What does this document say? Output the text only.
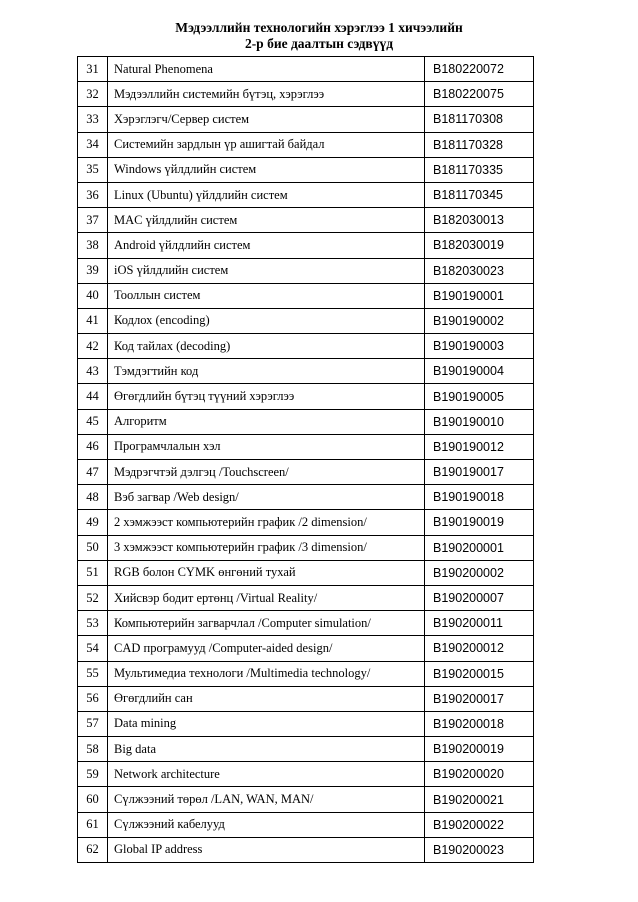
Мэдээллийн технологийн хэрэглээ 1 хичээлийн
2-р бие даалтын сэдвүүд
31	Natural Phenomena	B180220072
32	Мэдээллийн системийн бүтэц, хэрэглээ	B180220075
33	Хэрэглэгч/Сервер систем	B181170308
34	Системийн зардлын үр ашигтай байдал	B181170328
35	Windows үйлдлийн систем	B181170335
36	Linux (Ubuntu) үйлдлийн систем	B181170345
37	MAC үйлдлийн систем	B182030013
38	Android үйлдлийн систем	B182030019
39	iOS үйлдлийн систем	B182030023
40	Тооллын систем	B190190001
41	Кодлох (encoding)	B190190002
42	Код тайлах (decoding)	B190190003
43	Тэмдэгтийн код	B190190004
44	Өгөгдлийн бүтэц түүний хэрэглээ	B190190005
45	Алгоритм	B190190010
46	Програмчлалын хэл	B190190012
47	Мэдрэгчтэй дэлгэц /Touchscreen/	B190190017
48	Вэб загвар /Web design/	B190190018
49	2 хэмжээст компьютерийн график /2 dimension/	B190190019
50	3 хэмжээст компьютерийн график /3 dimension/	B190200001
51	RGB болон CYMK өнгөний тухай	B190200002
52	Хийсвэр бодит ертөнц /Virtual Reality/	B190200007
53	Компьютерийн загварчлал /Computer simulation/	B190200011
54	CAD програмууд /Computer-aided design/	B190200012
55	Мультимедиа технологи /Multimedia technology/	B190200015
56	Өгөгдлийн сан	B190200017
57	Data mining	B190200018
58	Big data	B190200019
59	Network architecture	B190200020
60	Сүлжээний төрөл /LAN, WAN, MAN/	B190200021
61	Сүлжээний кабелууд	B190200022
62	Global IP address	B190200023
